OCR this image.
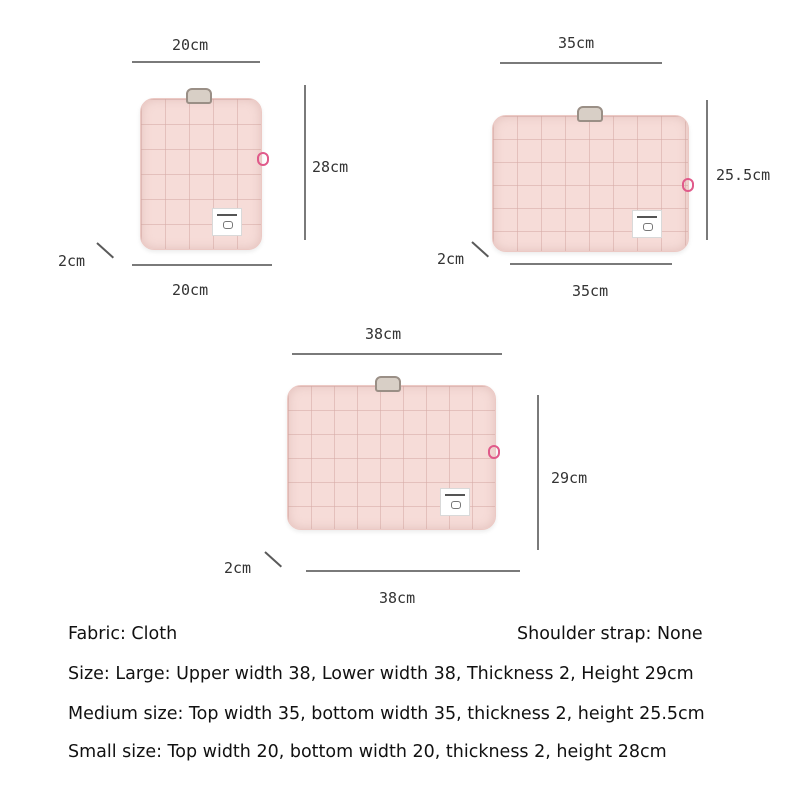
20cm
28cm
2cm
20cm
35cm
25.5cm
2cm
35cm
38cm
29cm
2cm
38cm
Fabric: Cloth	Shoulder strap: None
Size: Large: Upper width 38, Lower width 38, Thickness 2, Height 29cm
Medium size: Top width 35, bottom width 35, thickness 2, height 25.5cm
Small size: Top width 20, bottom width 20, thickness 2, height 28cm
